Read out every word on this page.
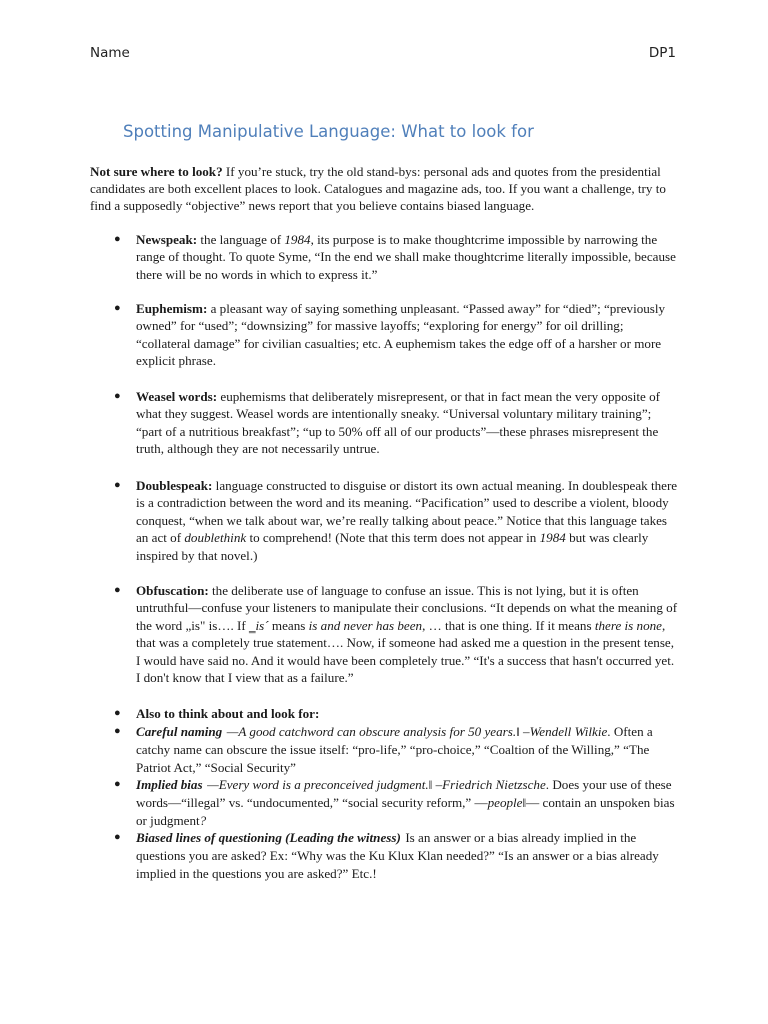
Name	DP1
Spotting Manipulative Language: What to look for
Not sure where to look? If you’re stuck, try the old stand-bys: personal ads and quotes from the presidential candidates are both excellent places to look. Catalogues and magazine ads, too. If you want a challenge, try to find a supposedly “objective” news report that you believe contains biased language.
● Newspeak: the language of 1984, its purpose is to make thoughtcrime impossible by narrowing the range of thought. To quote Syme, “In the end we shall make thoughtcrime literally impossible, because there will be no words in which to express it.”
● Euphemism: a pleasant way of saying something unpleasant. “Passed away” for “died”; “previously owned” for “used”; “downsizing” for massive layoffs; “exploring for energy” for oil drilling; “collateral damage” for civilian casualties; etc. A euphemism takes the edge off of a harsher or more explicit phrase.
● Weasel words: euphemisms that deliberately misrepresent, or that in fact mean the very opposite of what they suggest. Weasel words are intentionally sneaky. “Universal voluntary military training”; “part of a nutritious breakfast”; “up to 50% off all of our products”—these phrases misrepresent the truth, although they are not necessarily untrue.
● Doublespeak: language constructed to disguise or distort its own actual meaning. In doublespeak there is a contradiction between the word and its meaning. “Pacification” used to describe a violent, bloody conquest, “when we talk about war, we’re really talking about peace.” Notice that this language takes an act of doublethink to comprehend! (Note that this term does not appear in 1984 but was clearly inspired by that novel.)
● Obfuscation: the deliberate use of language to confuse an issue. This is not lying, but it is often untruthful—confuse your listeners to manipulate their conclusions. “It depends on what the meaning of the word „is" is…. If ‗is´ means is and never has been, … that is one thing. If it means there is none, that was a completely true statement…. Now, if someone had asked me a question in the present tense, I would have said no. And it would have been completely true.” “It's a success that hasn't occurred yet. I don't know that I view that as a failure.”
● Also to think about and look for:
● Careful naming —A good catchword can obscure analysis for 50 years.‖ –Wendell Wilkie. Often a catchy name can obscure the issue itself: “pro-life,” “pro-choice,” “Coaltion of the Willing,” “The Patriot Act,” “Social Security”
● Implied bias —Every word is a preconceived judgment.‖ –Friedrich Nietzsche. Does your use of these words—“illegal” vs. “undocumented,” “social security reform,” —people‖— contain an unspoken bias or judgment?
● Biased lines of questioning (Leading the witness) Is an answer or a bias already implied in the questions you are asked? Ex: “Why was the Ku Klux Klan needed?” “Is an answer or a bias already implied in the questions you are asked?” Etc.!
